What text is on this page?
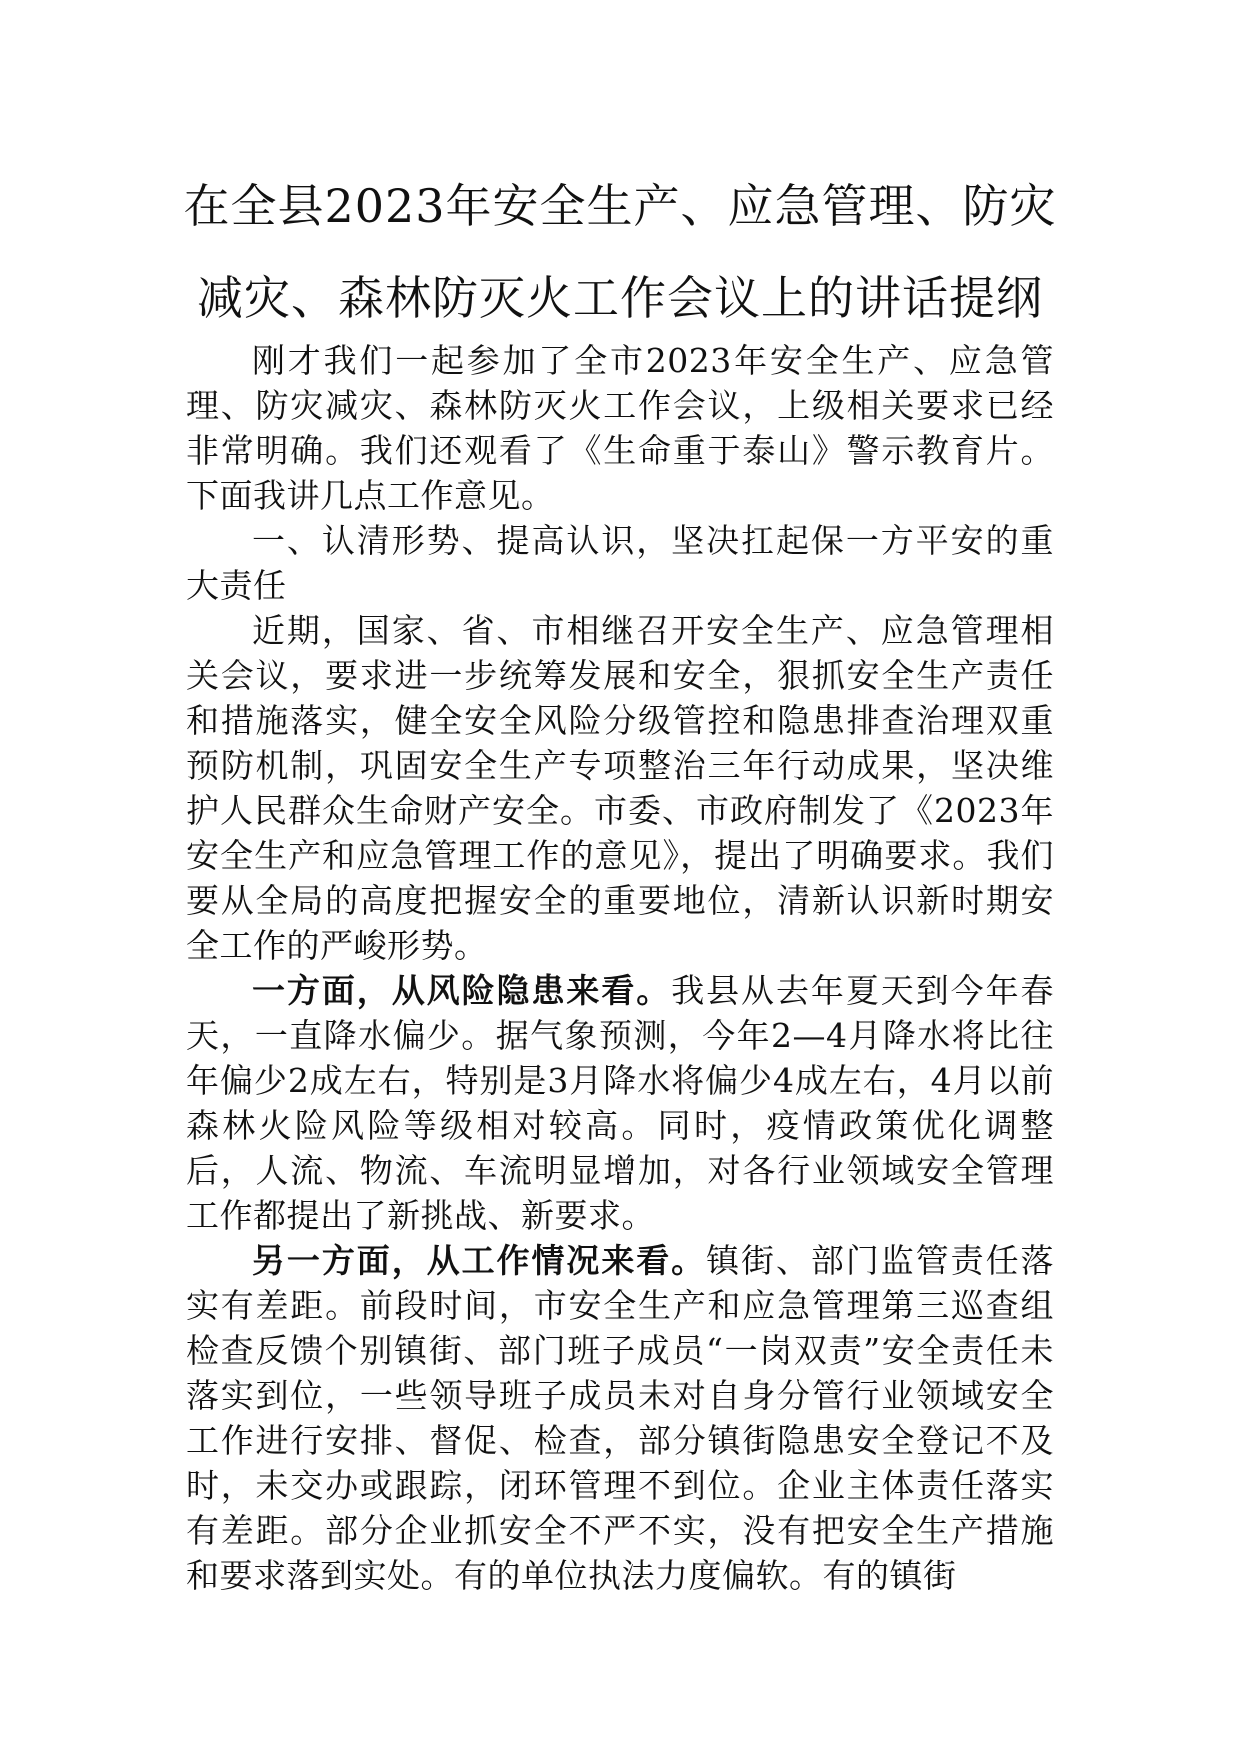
在全县2023年安全生产、应急管理、防灾
减灾、森林防灭火工作会议上的讲话提纲

刚才我们一起参加了全市2023年安全生产、应急管理、防灾减灾、森林防灭火工作会议，上级相关要求已经非常明确。我们还观看了《生命重于泰山》警示教育片。下面我讲几点工作意见。

一、认清形势、提高认识，坚决扛起保一方平安的重大责任

近期，国家、省、市相继召开安全生产、应急管理相关会议，要求进一步统筹发展和安全，狠抓安全生产责任和措施落实，健全安全风险分级管控和隐患排查治理双重预防机制，巩固安全生产专项整治三年行动成果，坚决维护人民群众生命财产安全。市委、市政府制发了《2023年安全生产和应急管理工作的意见》，提出了明确要求。我们要从全局的高度把握安全的重要地位，清新认识新时期安全工作的严峻形势。

一方面，从风险隐患来看。我县从去年夏天到今年春天，一直降水偏少。据气象预测，今年2—4月降水将比往年偏少2成左右，特别是3月降水将偏少4成左右，4月以前森林火险风险等级相对较高。同时，疫情政策优化调整后，人流、物流、车流明显增加，对各行业领域安全管理工作都提出了新挑战、新要求。

另一方面，从工作情况来看。镇街、部门监管责任落实有差距。前段时间，市安全生产和应急管理第三巡查组检查反馈个别镇街、部门班子成员“一岗双责”安全责任未落实到位，一些领导班子成员未对自身分管行业领域安全工作进行安排、督促、检查，部分镇街隐患安全登记不及时，未交办或跟踪，闭环管理不到位。企业主体责任落实有差距。部分企业抓安全不严不实，没有把安全生产措施和要求落到实处。有的单位执法力度偏软。有的镇街
